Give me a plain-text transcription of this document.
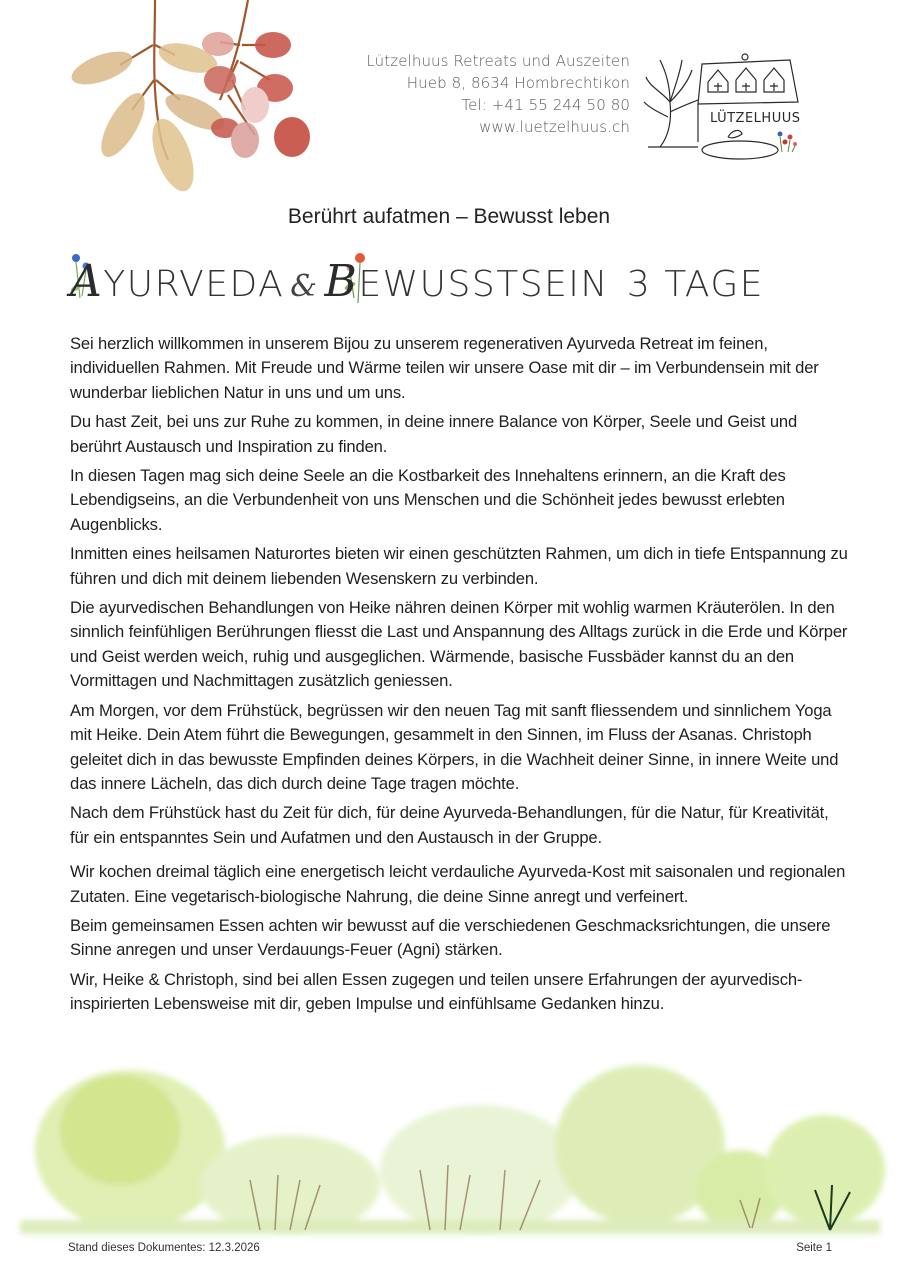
Lützelhuus Retreats und Auszeiten
Hueb 8, 8634 Hombrechtikon
Tel: +41 55 244 50 80
www.luetzelhuus.ch	LÜTZELHUUS
Berührt aufatmen – Bewusst leben
AYURVEDA & BEWUSSTSEIN 3 TAGE

Sei herzlich willkommen in unserem Bijou zu unserem regenerativen Ayurveda Retreat im feinen, individuellen Rahmen. Mit Freude und Wärme teilen wir unsere Oase mit dir – im Verbundensein mit der wunderbar lieblichen Natur in uns und um uns.

Du hast Zeit, bei uns zur Ruhe zu kommen, in deine innere Balance von Körper, Seele und Geist und berührt Austausch und Inspiration zu finden.

In diesen Tagen mag sich deine Seele an die Kostbarkeit des Innehaltens erinnern, an die Kraft des Lebendigseins, an die Verbundenheit von uns Menschen und die Schönheit jedes bewusst erlebten Augenblicks.

Inmitten eines heilsamen Naturortes bieten wir einen geschützten Rahmen, um dich in tiefe Entspannung zu führen und dich mit deinem liebenden Wesenskern zu verbinden.

Die ayurvedischen Behandlungen von Heike nähren deinen Körper mit wohlig warmen Kräuterölen. In den sinnlich feinfühligen Berührungen fliesst die Last und Anspannung des Alltags zurück in die Erde und Körper und Geist werden weich, ruhig und ausgeglichen. Wärmende, basische Fussbäder kannst du an den Vormittagen und Nachmittagen zusätzlich geniessen.

Am Morgen, vor dem Frühstück, begrüssen wir den neuen Tag mit sanft fliessendem und sinnlichem Yoga mit Heike. Dein Atem führt die Bewegungen, gesammelt in den Sinnen, im Fluss der Asanas. Christoph geleitet dich in das bewusste Empfinden deines Körpers, in die Wachheit deiner Sinne, in innere Weite und das innere Lächeln, das dich durch deine Tage tragen möchte.

Nach dem Frühstück hast du Zeit für dich, für deine Ayurveda-Behandlungen, für die Natur, für Kreativität, für ein entspanntes Sein und Aufatmen und den Austausch in der Gruppe.

Wir kochen dreimal täglich eine energetisch leicht verdauliche Ayurveda-Kost mit saisonalen und regionalen Zutaten. Eine vegetarisch-biologische Nahrung, die deine Sinne anregt und verfeinert.

Beim gemeinsamen Essen achten wir bewusst auf die verschiedenen Geschmacksrichtungen, die unsere Sinne anregen und unser Verdauungs-Feuer (Agni) stärken.

Wir, Heike & Christoph, sind bei allen Essen zugegen und teilen unsere Erfahrungen der ayurvedisch-inspirierten Lebensweise mit dir, geben Impulse und einfühlsame Gedanken hinzu.

Stand dieses Dokumentes: 12.3.2026	Seite 1
